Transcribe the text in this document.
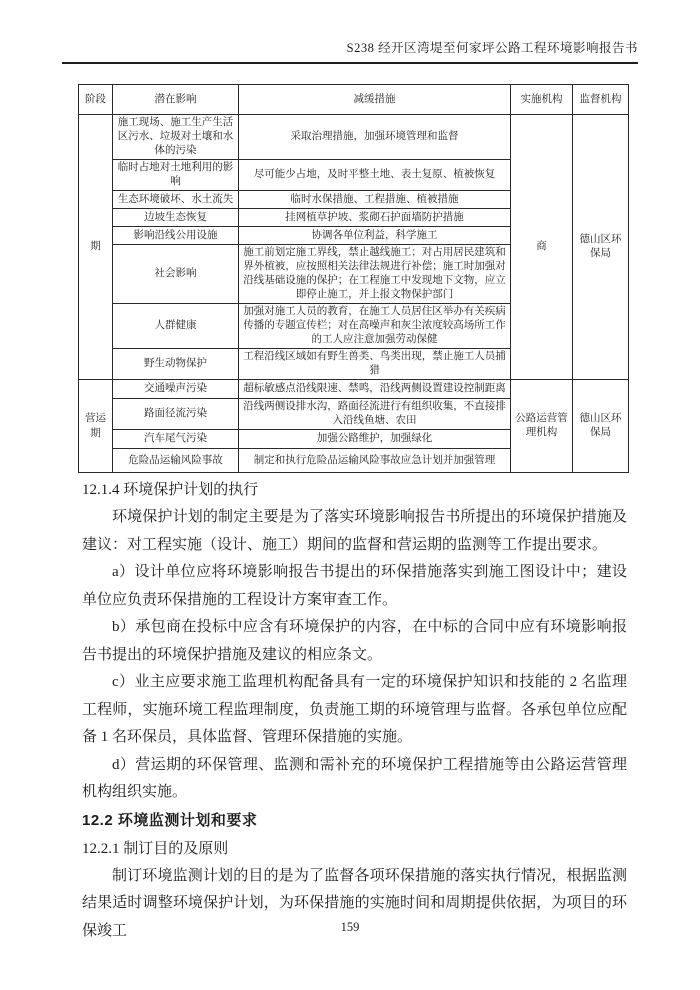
S238 经开区湾堤至何家坪公路工程环境影响报告书
阶段	潜在影响	减缓措施	实施机构	监督机构
期	施工现场、施工生产生活区污水、垃圾对土壤和水体的污染	采取治理措施，加强环境管理和监督	商	德山区环保局
	临时占地对土地利用的影响	尽可能少占地，及时平整土地、表土复原、植被恢复		
	生态环境破坏、水土流失	临时水保措施、工程措施、植被措施		
	边坡生态恢复	挂网植草护坡、浆砌石护面墙防护措施		
	影响沿线公用设施	协调各单位利益，科学施工		
	社会影响	施工前划定施工界线，禁止越线施工；对占用居民建筑和界外植被，应按照相关法律法规进行补偿；施工时加强对沿线基础设施的保护；在工程施工中发现地下文物，应立即停止施工，并上报文物保护部门		
	人群健康	加强对施工人员的教育，在施工人员居住区举办有关疾病传播的专题宣传栏；对在高噪声和灰尘浓度较高场所工作的工人应注意加强劳动保健		
	野生动物保护	工程沿线区域如有野生兽类、鸟类出现，禁止施工人员捕猎		
营运期	交通噪声污染	超标敏感点沿线限速、禁鸣，沿线两侧设置建设控制距离	公路运营管理机构	德山区环保局
	路面径流污染	沿线两侧设排水沟，路面径流进行有组织收集，不直接排入沿线鱼塘、农田		
	汽车尾气污染	加强公路维护，加强绿化		
	危险品运输风险事故	制定和执行危险品运输风险事故应急计划并加强管理		
12.1.4 环境保护计划的执行
环境保护计划的制定主要是为了落实环境影响报告书所提出的环境保护措施及建议：对工程实施（设计、施工）期间的监督和营运期的监测等工作提出要求。
a）设计单位应将环境影响报告书提出的环保措施落实到施工图设计中；建设单位应负责环保措施的工程设计方案审查工作。
b）承包商在投标中应含有环境保护的内容，在中标的合同中应有环境影响报告书提出的环境保护措施及建议的相应条文。
c）业主应要求施工监理机构配备具有一定的环境保护知识和技能的 2 名监理工程师，实施环境工程监理制度，负责施工期的环境管理与监督。各承包单位应配备 1 名环保员，具体监督、管理环保措施的实施。
d）营运期的环保管理、监测和需补充的环境保护工程措施等由公路运营管理机构组织实施。
12.2 环境监测计划和要求
12.2.1 制订目的及原则
制订环境监测计划的目的是为了监督各项环保措施的落实执行情况，根据监测结果适时调整环境保护计划，为环保措施的实施时间和周期提供依据，为项目的环保竣工	159
